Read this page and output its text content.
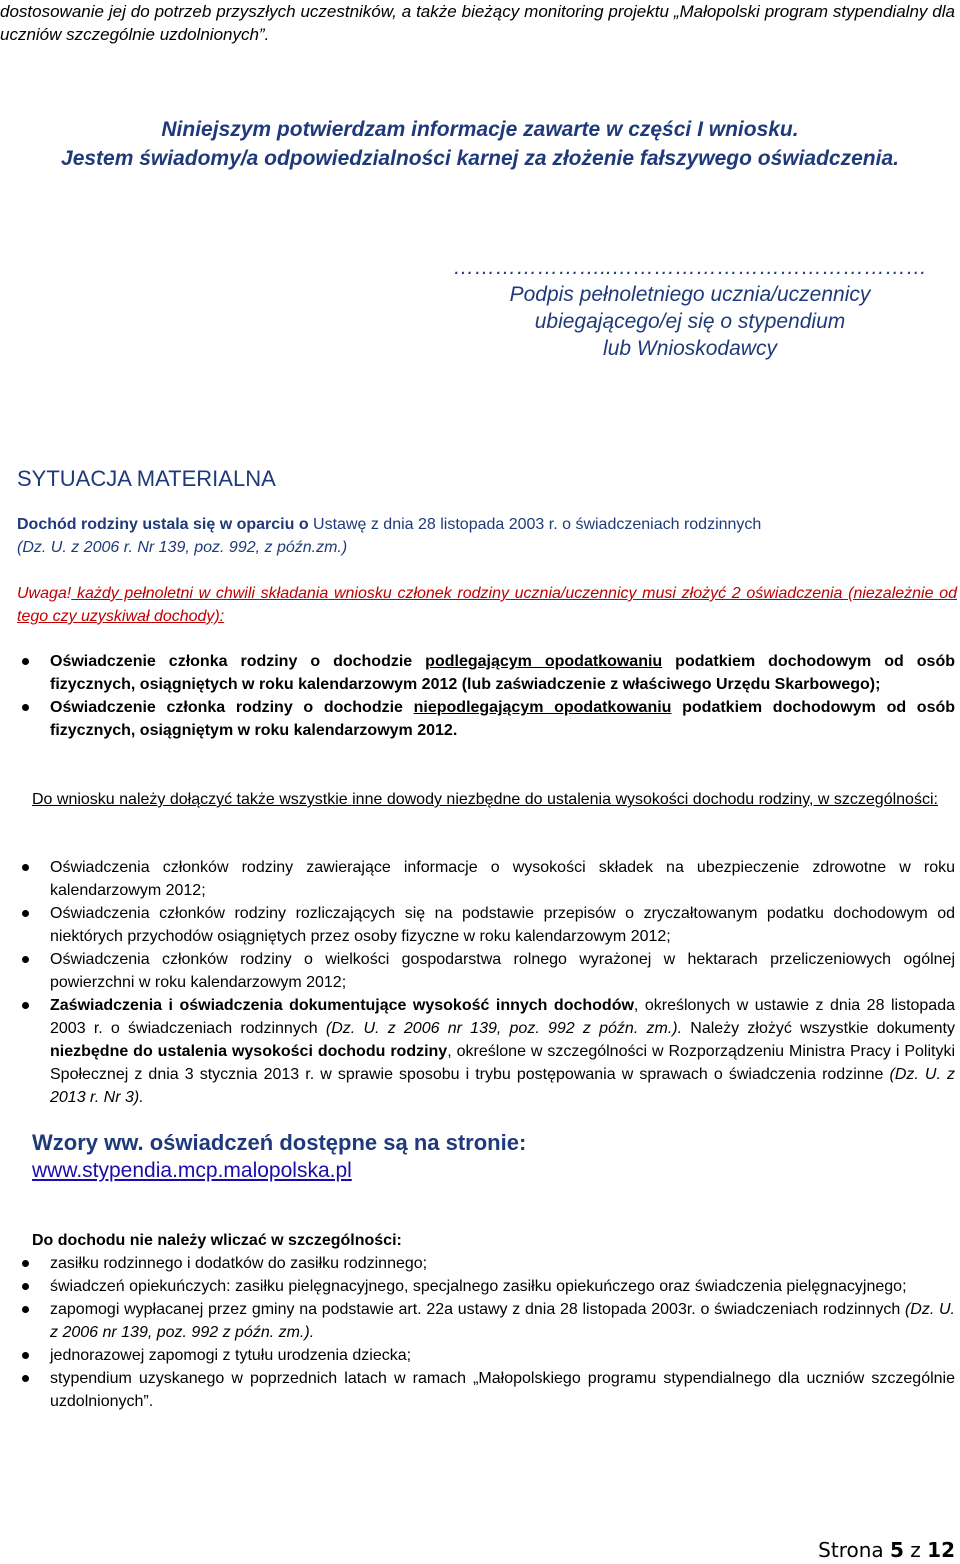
dostosowanie jej do potrzeb przyszłych uczestników, a także bieżący monitoring projektu „Małopolski program stypendialny dla uczniów szczególnie uzdolnionych”.
Niniejszym potwierdzam informacje zawarte w części I wniosku.
Jestem świadomy/a odpowiedzialności karnej za złożenie fałszywego oświadczenia.
…………………..………………………………………
Podpis pełnoletniego ucznia/uczennicy
ubiegającego/ej się o stypendium
lub Wnioskodawcy
SYTUACJA MATERIALNA
Dochód rodziny ustala się w oparciu o Ustawę z dnia 28 listopada 2003 r. o świadczeniach rodzinnych
(Dz. U. z 2006 r. Nr 139, poz. 992, z późn.zm.)
Uwaga! każdy pełnoletni w chwili składania wniosku członek rodziny ucznia/uczennicy musi złożyć 2 oświadczenia (niezależnie od tego czy uzyskiwał dochody):
Oświadczenie członka rodziny o dochodzie podlegającym opodatkowaniu podatkiem dochodowym od osób fizycznych, osiągniętych w roku kalendarzowym 2012 (lub zaświadczenie z właściwego Urzędu Skarbowego);
Oświadczenie członka rodziny o dochodzie niepodlegającym opodatkowaniu podatkiem dochodowym od osób fizycznych, osiągniętym w roku kalendarzowym 2012.
Do wniosku należy dołączyć także wszystkie inne dowody niezbędne do ustalenia wysokości dochodu rodziny, w szczególności:
Oświadczenia członków rodziny zawierające informacje o wysokości składek na ubezpieczenie zdrowotne w roku kalendarzowym 2012;
Oświadczenia członków rodziny rozliczających się na podstawie przepisów o zryczałtowanym podatku dochodowym od niektórych przychodów osiągniętych przez osoby fizyczne w roku kalendarzowym 2012;
Oświadczenia członków rodziny o wielkości gospodarstwa rolnego wyrażonej w hektarach przeliczeniowych ogólnej powierzchni w roku kalendarzowym 2012;
Zaświadczenia i oświadczenia dokumentujące wysokość innych dochodów, określonych w ustawie z dnia 28 listopada 2003 r. o świadczeniach rodzinnych (Dz. U. z 2006 nr 139, poz. 992 z późn. zm.). Należy złożyć wszystkie dokumenty niezbędne do ustalenia wysokości dochodu rodziny, określone w szczególności w Rozporządzeniu Ministra Pracy i Polityki Społecznej z dnia 3 stycznia 2013 r. w sprawie sposobu i trybu postępowania w sprawach o świadczenia rodzinne (Dz. U. z 2013 r. Nr 3).
Wzory ww. oświadczeń dostępne są na stronie:
www.stypendia.mcp.malopolska.pl
Do dochodu nie należy wliczać w szczególności:
zasiłku rodzinnego i dodatków do zasiłku rodzinnego;
świadczeń opiekuńczych: zasiłku pielęgnacyjnego, specjalnego zasiłku opiekuńczego oraz świadczenia pielęgnacyjnego;
zapomogi wypłacanej przez gminy na podstawie art. 22a ustawy z dnia 28 listopada 2003r. o świadczeniach rodzinnych (Dz. U. z 2006 nr 139, poz. 992 z późn. zm.).
jednorazowej zapomogi z tytułu urodzenia dziecka;
stypendium uzyskanego w poprzednich latach w ramach „Małopolskiego programu stypendialnego dla uczniów szczególnie uzdolnionych”.
Strona 5 z 12
